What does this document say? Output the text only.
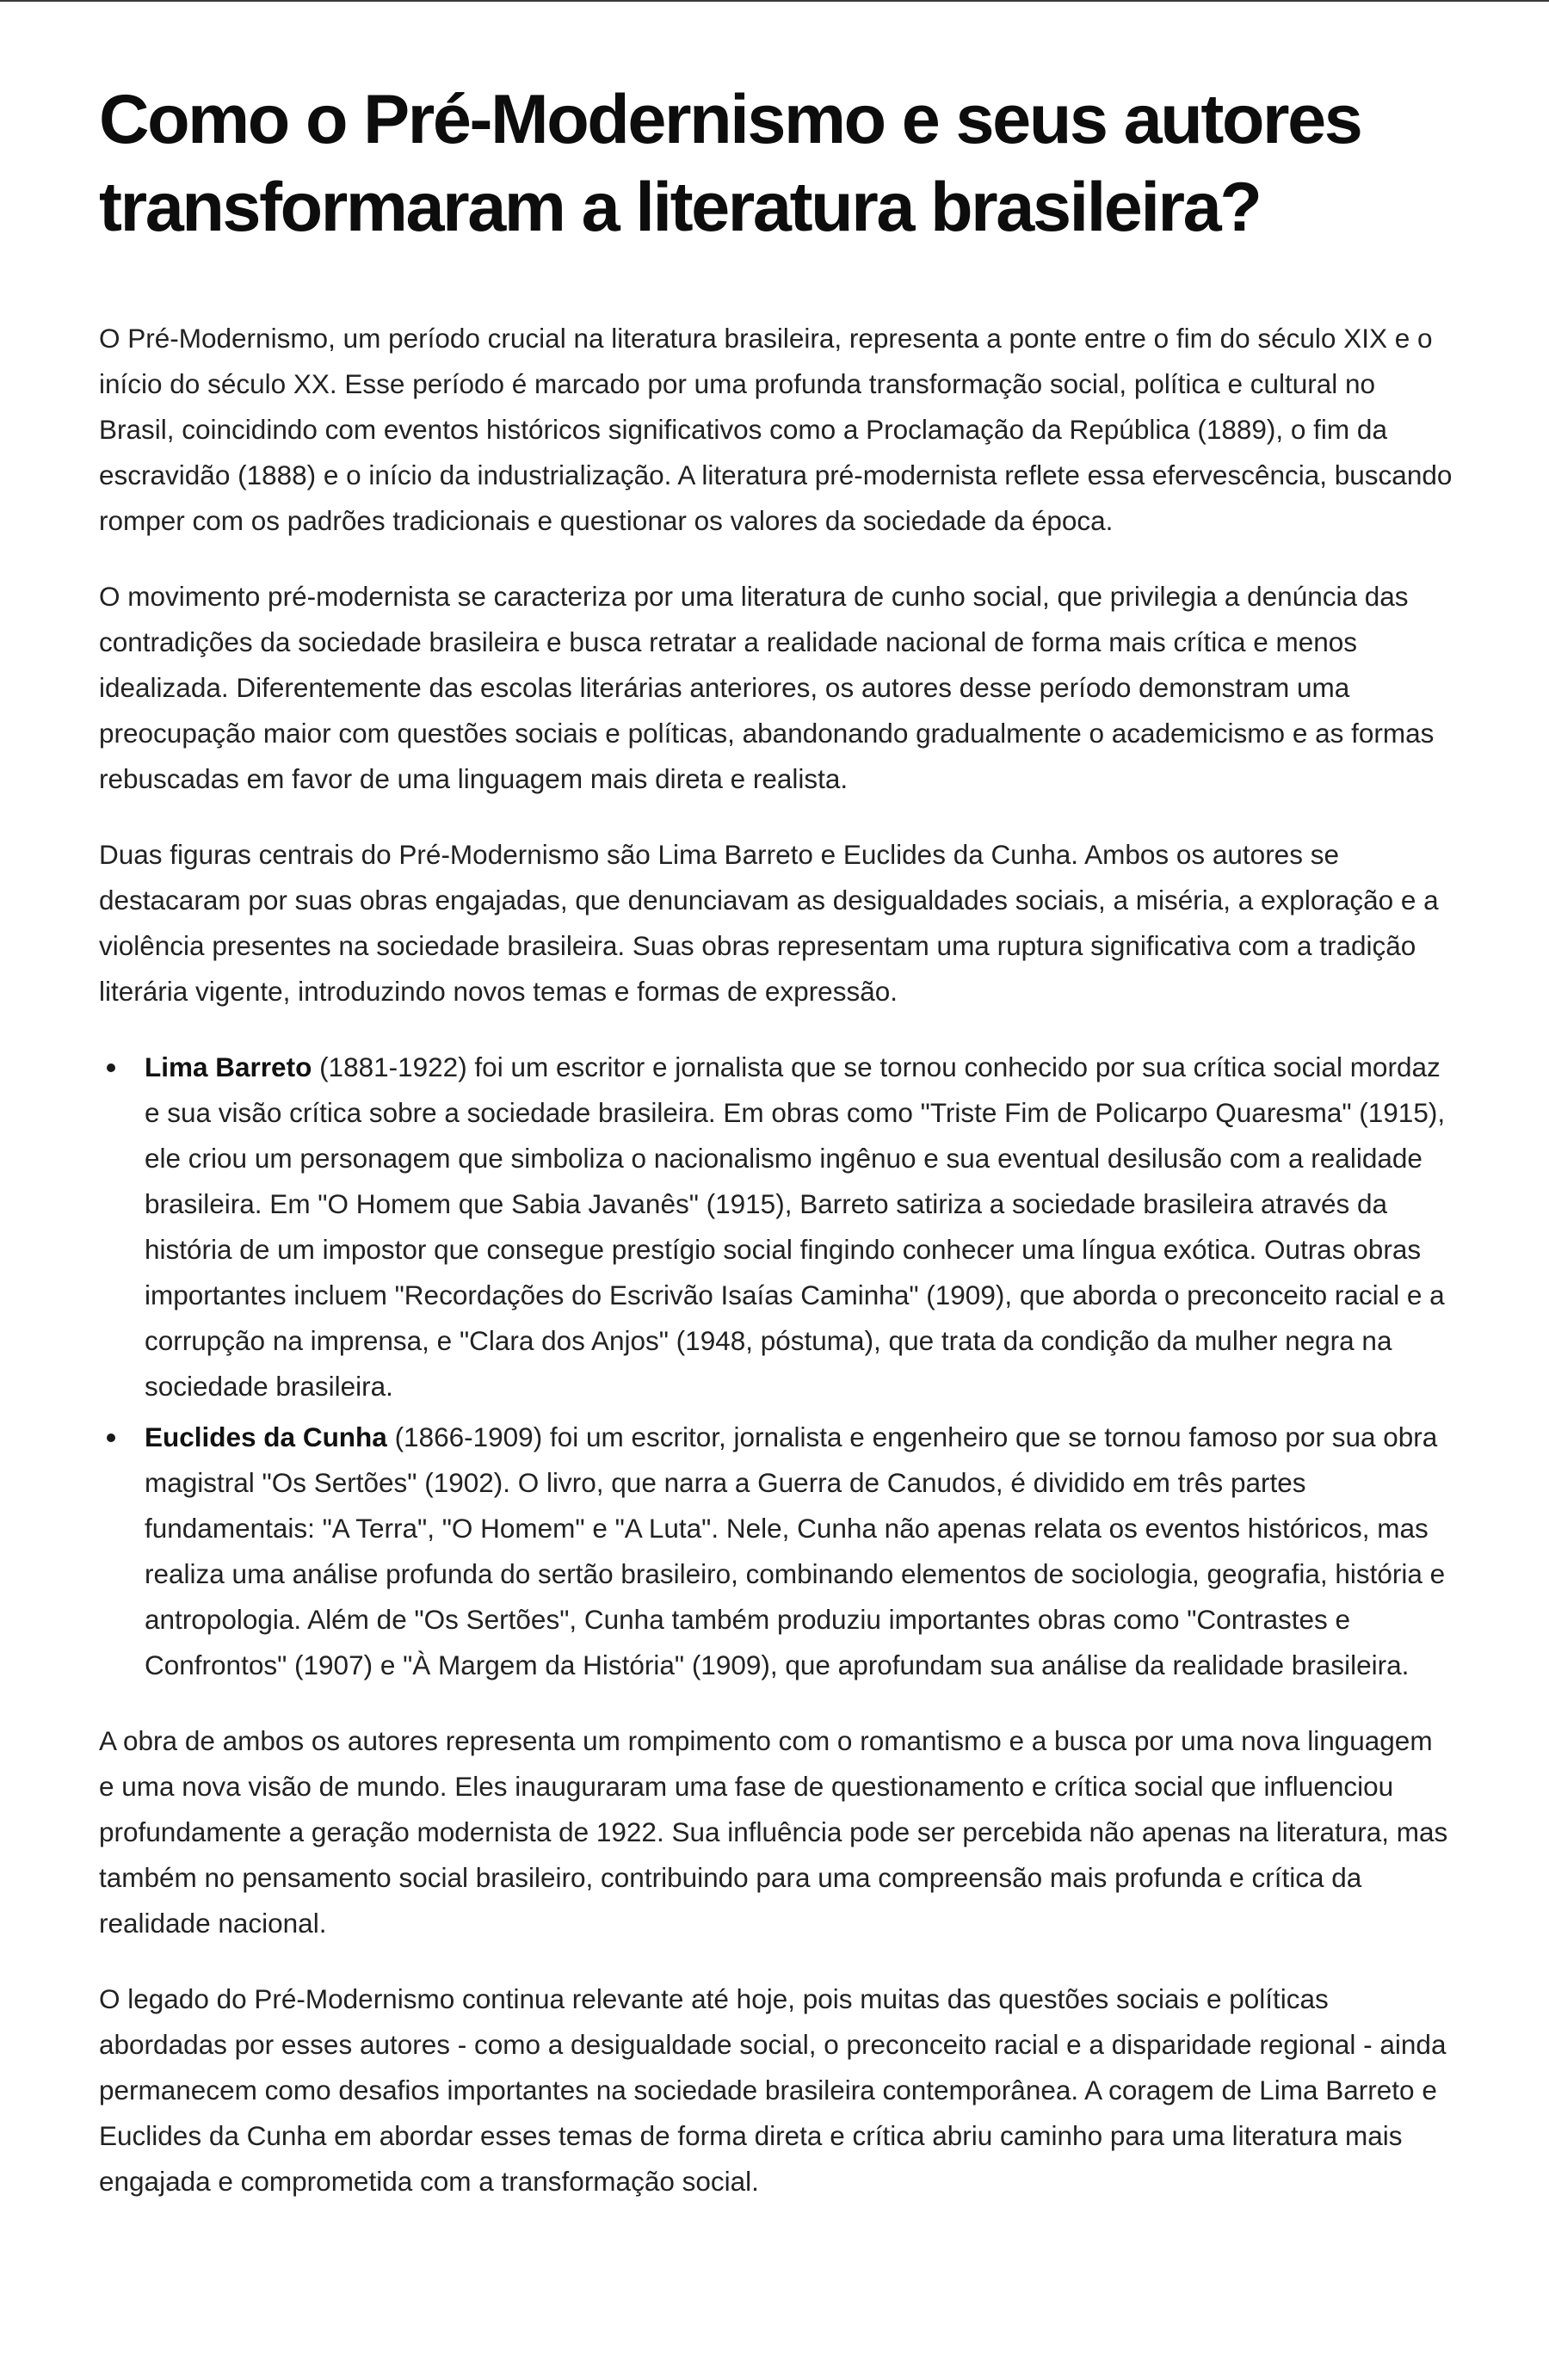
Como o Pré-Modernismo e seus autores transformaram a literatura brasileira?

O Pré-Modernismo, um período crucial na literatura brasileira, representa a ponte entre o fim do século XIX e o início do século XX. Esse período é marcado por uma profunda transformação social, política e cultural no Brasil, coincidindo com eventos históricos significativos como a Proclamação da República (1889), o fim da escravidão (1888) e o início da industrialização. A literatura pré-modernista reflete essa efervescência, buscando romper com os padrões tradicionais e questionar os valores da sociedade da época.

O movimento pré-modernista se caracteriza por uma literatura de cunho social, que privilegia a denúncia das contradições da sociedade brasileira e busca retratar a realidade nacional de forma mais crítica e menos idealizada. Diferentemente das escolas literárias anteriores, os autores desse período demonstram uma preocupação maior com questões sociais e políticas, abandonando gradualmente o academicismo e as formas rebuscadas em favor de uma linguagem mais direta e realista.

Duas figuras centrais do Pré-Modernismo são Lima Barreto e Euclides da Cunha. Ambos os autores se destacaram por suas obras engajadas, que denunciavam as desigualdades sociais, a miséria, a exploração e a violência presentes na sociedade brasileira. Suas obras representam uma ruptura significativa com a tradição literária vigente, introduzindo novos temas e formas de expressão.

Lima Barreto (1881-1922) foi um escritor e jornalista que se tornou conhecido por sua crítica social mordaz e sua visão crítica sobre a sociedade brasileira. Em obras como "Triste Fim de Policarpo Quaresma" (1915), ele criou um personagem que simboliza o nacionalismo ingênuo e sua eventual desilusão com a realidade brasileira. Em "O Homem que Sabia Javanês" (1915), Barreto satiriza a sociedade brasileira através da história de um impostor que consegue prestígio social fingindo conhecer uma língua exótica. Outras obras importantes incluem "Recordações do Escrivão Isaías Caminha" (1909), que aborda o preconceito racial e a corrupção na imprensa, e "Clara dos Anjos" (1948, póstuma), que trata da condição da mulher negra na sociedade brasileira.
Euclides da Cunha (1866-1909) foi um escritor, jornalista e engenheiro que se tornou famoso por sua obra magistral "Os Sertões" (1902). O livro, que narra a Guerra de Canudos, é dividido em três partes fundamentais: "A Terra", "O Homem" e "A Luta". Nele, Cunha não apenas relata os eventos históricos, mas realiza uma análise profunda do sertão brasileiro, combinando elementos de sociologia, geografia, história e antropologia. Além de "Os Sertões", Cunha também produziu importantes obras como "Contrastes e Confrontos" (1907) e "À Margem da História" (1909), que aprofundam sua análise da realidade brasileira.

A obra de ambos os autores representa um rompimento com o romantismo e a busca por uma nova linguagem e uma nova visão de mundo. Eles inauguraram uma fase de questionamento e crítica social que influenciou profundamente a geração modernista de 1922. Sua influência pode ser percebida não apenas na literatura, mas também no pensamento social brasileiro, contribuindo para uma compreensão mais profunda e crítica da realidade nacional.

O legado do Pré-Modernismo continua relevante até hoje, pois muitas das questões sociais e políticas abordadas por esses autores - como a desigualdade social, o preconceito racial e a disparidade regional - ainda permanecem como desafios importantes na sociedade brasileira contemporânea. A coragem de Lima Barreto e Euclides da Cunha em abordar esses temas de forma direta e crítica abriu caminho para uma literatura mais engajada e comprometida com a transformação social.
